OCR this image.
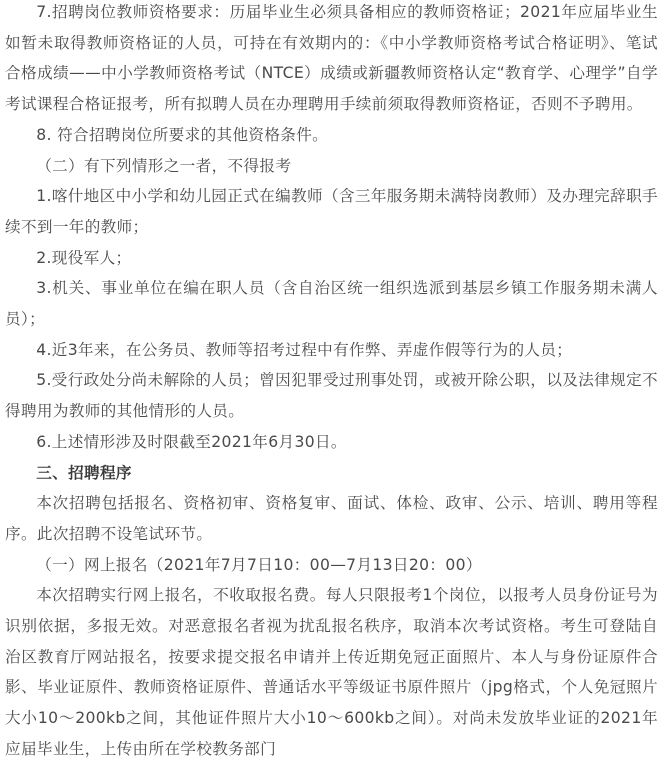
7.招聘岗位教师资格要求：历届毕业生必须具备相应的教师资格证；2021年应届毕业生如暂未取得教师资格证的人员，可持在有效期内的：《中小学教师资格考试合格证明》、笔试合格成绩——中小学教师资格考试（NTCE）成绩或新疆教师资格认定“教育学、心理学”自学考试课程合格证报考，所有拟聘人员在办理聘用手续前须取得教师资格证，否则不予聘用。

8. 符合招聘岗位所要求的其他资格条件。

（二）有下列情形之一者，不得报考

1.喀什地区中小学和幼儿园正式在编教师（含三年服务期未满特岗教师）及办理完辞职手续不到一年的教师；

2.现役军人；

3.机关、事业单位在编在职人员（含自治区统一组织选派到基层乡镇工作服务期未满人员）；

4.近3年来，在公务员、教师等招考过程中有作弊、弄虚作假等行为的人员；

5.受行政处分尚未解除的人员；曾因犯罪受过刑事处罚，或被开除公职，以及法律规定不得聘用为教师的其他情形的人员。

6.上述情形涉及时限截至2021年6月30日。

三、招聘程序

本次招聘包括报名、资格初审、资格复审、面试、体检、政审、公示、培训、聘用等程序。此次招聘不设笔试环节。

（一）网上报名（2021年7月7日10：00—7月13日20：00）

本次招聘实行网上报名，不收取报名费。每人只限报考1个岗位，以报考人员身份证号为识别依据，多报无效。对恶意报名者视为扰乱报名秩序，取消本次考试资格。考生可登陆自治区教育厅网站报名，按要求提交报名申请并上传近期免冠正面照片、本人与身份证原件合影、毕业证原件、教师资格证原件、普通话水平等级证书原件照片（jpg格式，个人免冠照片大小10～200kb之间，其他证件照片大小10～600kb之间）。对尚未发放毕业证的2021年应届毕业生，上传由所在学校教务部门
